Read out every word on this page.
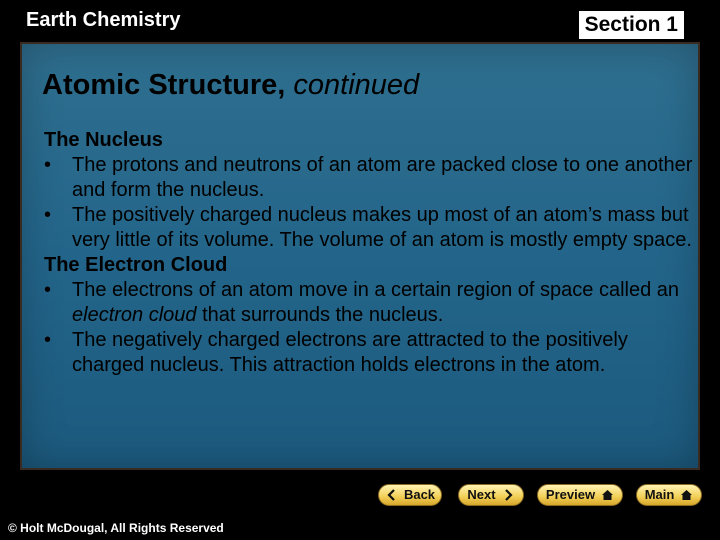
Earth Chemistry	Section 1
Atomic Structure, continued
The Nucleus
• The protons and neutrons of an atom are packed close to one another and form the nucleus.
• The positively charged nucleus makes up most of an atom’s mass but very little of its volume. The volume of an atom is mostly empty space.
The Electron Cloud
• The electrons of an atom move in a certain region of space called an electron cloud that surrounds the nucleus.
• The negatively charged electrons are attracted to the positively charged nucleus. This attraction holds electrons in the atom.
Back Next	Preview	Main
© Holt McDougal, All Rights Reserved
